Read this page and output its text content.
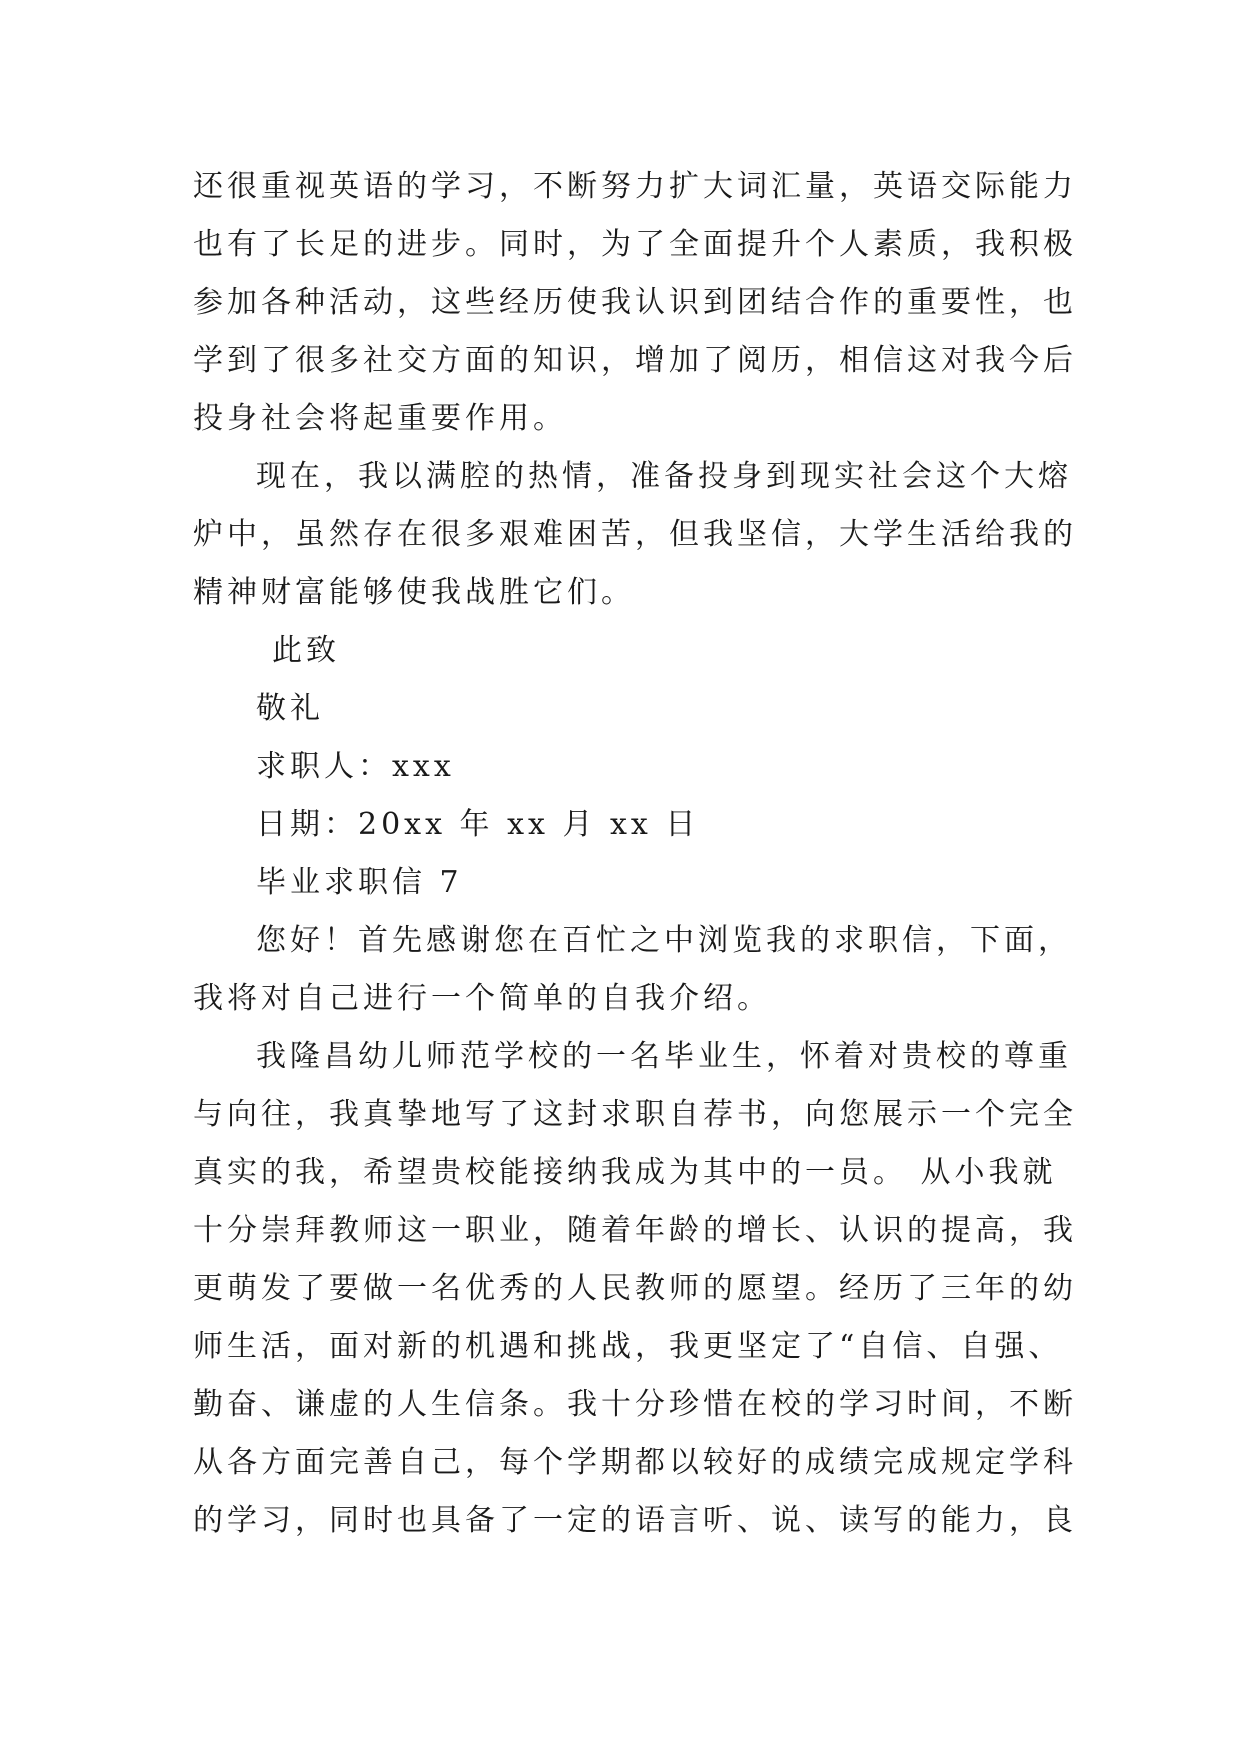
还很重视英语的学习，不断努力扩大词汇量，英语交际能力
也有了长足的进步。同时，为了全面提升个人素质，我积极
参加各种活动，这些经历使我认识到团结合作的重要性，也
学到了很多社交方面的知识，增加了阅历，相信这对我今后
投身社会将起重要作用。
现在，我以满腔的热情，准备投身到现实社会这个大熔
炉中，虽然存在很多艰难困苦，但我坚信，大学生活给我的
精神财富能够使我战胜它们。
此致
敬礼
求职人：xxx
日期：20xx 年 xx 月 xx 日
毕业求职信 7
您好！首先感谢您在百忙之中浏览我的求职信，下面，
我将对自己进行一个简单的自我介绍。
我隆昌幼儿师范学校的一名毕业生，怀着对贵校的尊重
与向往，我真挚地写了这封求职自荐书，向您展示一个完全
真实的我，希望贵校能接纳我成为其中的一员。 从小我就
十分崇拜教师这一职业，随着年龄的增长、认识的提高，我
更萌发了要做一名优秀的人民教师的愿望。经历了三年的幼
师生活，面对新的机遇和挑战，我更坚定了“自信、自强、
勤奋、谦虚的人生信条。我十分珍惜在校的学习时间，不断
从各方面完善自己，每个学期都以较好的成绩完成规定学科
的学习，同时也具备了一定的语言听、说、读写的能力，良
